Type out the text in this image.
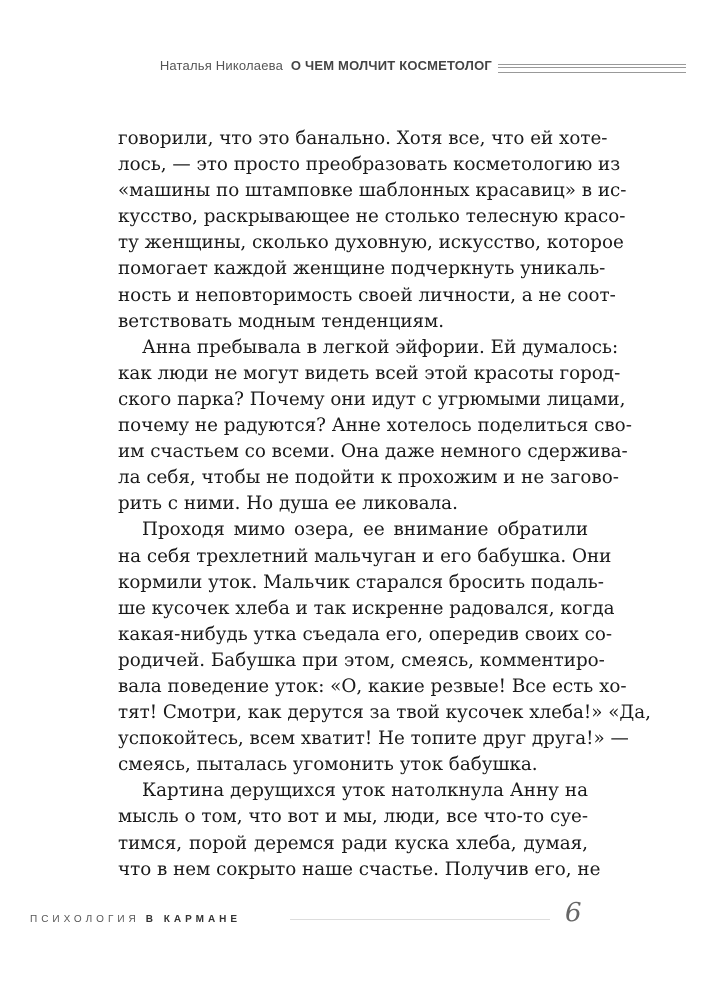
Наталья Николаева О ЧЕМ МОЛЧИТ КОСМЕТОЛОГ
говорили, что это банально. Хотя все, что ей хоте-
лось, — это просто преобразовать косметологию из
«машины по штамповке шаблонных красавиц» в ис-
кусство, раскрывающее не столько телесную красо-
ту женщины, сколько духовную, искусство, которое
помогает каждой женщине подчеркнуть уникаль-
ность и неповторимость своей личности, а не соот-
ветствовать модным тенденциям.
Анна пребывала в легкой эйфории. Ей думалось:
как люди не могут видеть всей этой красоты город-
ского парка? Почему они идут с угрюмыми лицами,
почему не радуются? Анне хотелось поделиться сво-
им счастьем со всеми. Она даже немного сдержива-
ла себя, чтобы не подойти к прохожим и не загово-
рить с ними. Но душа ее ликовала.
Проходя мимо озера, ее внимание обратили
на себя трехлетний мальчуган и его бабушка. Они
кормили уток. Мальчик старался бросить подаль-
ше кусочек хлеба и так искренне радовался, когда
какая-нибудь утка съедала его, опередив своих со-
родичей. Бабушка при этом, смеясь, комментиро-
вала поведение уток: «О, какие резвые! Все есть хо-
тят! Смотри, как дерутся за твой кусочек хлеба!» «Да,
успокойтесь, всем хватит! Не топите друг друга!» —
смеясь, пыталась угомонить уток бабушка.
Картина дерущихся уток натолкнула Анну на
мысль о том, что вот и мы, люди, все что-то суе-
тимся, порой деремся ради куска хлеба, думая,
что в нем сокрыто наше счастье. Получив его, не
ПСИХОЛОГИЯ В КАРМАНЕ	6
